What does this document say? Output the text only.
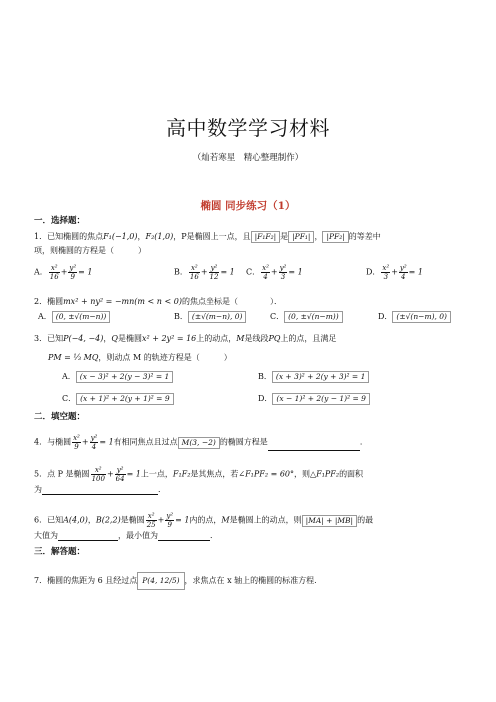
高中数学学习材料
（灿若寒星　精心整理制作）
椭圆 同步练习（1）
一．选择题：
1．已知椭圆的焦点F₁(−1,0)，F₂(1,0)，P是椭圆上一点，且 |F₁F₂| 是 |PF₁| ， |PF₂| 的等差中
项，则椭圆的方程是（　　　）
A． $\frac{\text{x²}}{16} + \frac{\text{y²}}{9} = 1$	B． $\frac{\text{x²}}{16} + \frac{\text{y²}}{12} = 1$ C． $\frac{\text{x²}}{4} + \frac{\text{y²}}{3} = 1$	D． $\frac{\text{x²}}{3} + \frac{\text{y²}}{4} = 1$
2．椭圆mx² + ny² = −mn(m < n < 0)的焦点坐标是（　　　　）．
A． (0, ±√(m−n))	B． (±√(m−n), 0)	C． (0, ±√(n−m))	D． (±√(n−m), 0)
3．已知P(−4, −4)，Q是椭圆x² + 2y² = 16上的动点，M是线段PQ上的点，且满足
PM = ⅓ MQ，则动点 M 的轨迹方程是（　　　）
A． (x − 3)² + 2(y − 3)² = 1	B． (x + 3)² + 2(y + 3)² = 1
C． (x + 1)² + 2(y + 1)² = 9	D． (x − 1)² + 2(y − 1)² = 9
二．填空题：
4．与椭圆 $\frac{\text{x²}}{9} + \frac{\text{y²}}{4} = 1$有相同焦点且过点 M(3, −2) 的椭圆方程是	．
5．点 P 是椭圆 $\frac{\text{x²}}{100} + \frac{\text{y²}}{64} = 1$上一点，F₁F₂是其焦点，若∠F₁PF₂ = 60°，则△F₁PF₂的面积
为	．
6．已知A(4,0)，B(2,2)是椭圆 $\frac{\text{x²}}{25} + \frac{\text{y²}}{9} = 1$内的点，M是椭圆上的动点，则 |MA| + |MB| 的最
大值为	，最小值为	．
三．解答题：
7．椭圆的焦距为 6 且经过点 P(4, 12/5) ，求焦点在 x 轴上的椭圆的标准方程.
